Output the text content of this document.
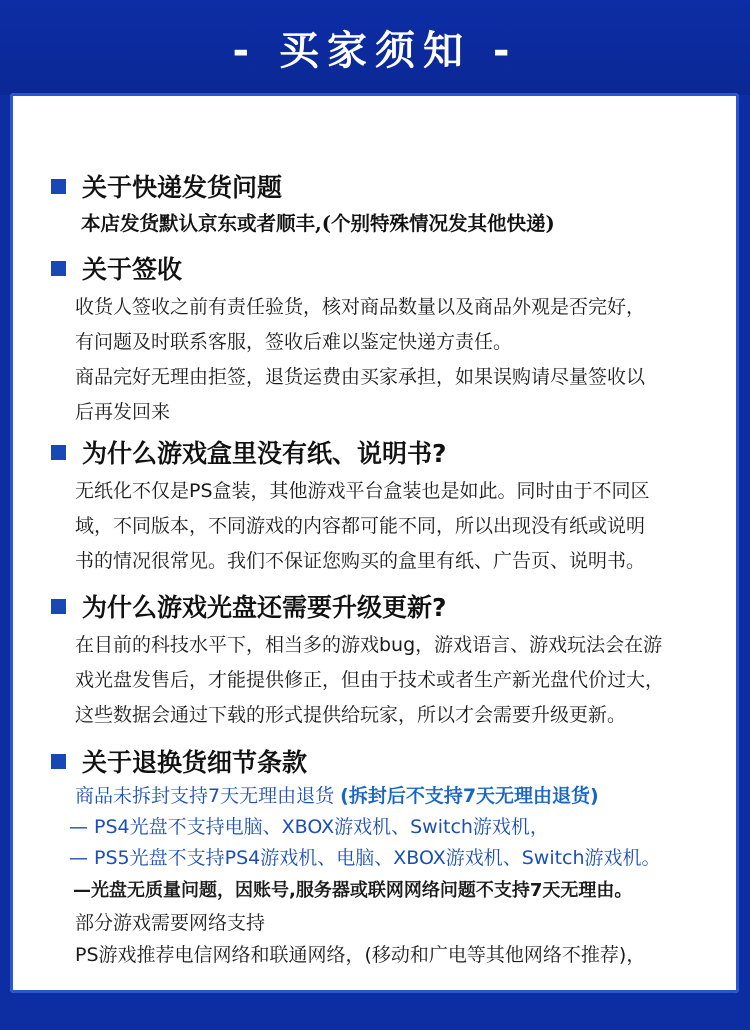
- 买家须知 -
关于快递发货问题
本店发货默认京东或者顺丰,(个别特殊情况发其他快递)
关于签收
收货人签收之前有责任验货，核对商品数量以及商品外观是否完好，
有问题及时联系客服，签收后难以鉴定快递方责任。
商品完好无理由拒签，退货运费由买家承担，如果误购请尽量签收以
后再发回来
为什么游戏盒里没有纸、说明书?
无纸化不仅是PS盒装，其他游戏平台盒装也是如此。同时由于不同区
域，不同版本，不同游戏的内容都可能不同，所以出现没有纸或说明
书的情况很常见。我们不保证您购买的盒里有纸、广告页、说明书。
为什么游戏光盘还需要升级更新?
在目前的科技水平下，相当多的游戏bug，游戏语言、游戏玩法会在游
戏光盘发售后，才能提供修正，但由于技术或者生产新光盘代价过大，
这些数据会通过下载的形式提供给玩家，所以才会需要升级更新。
关于退换货细节条款
商品未拆封支持7天无理由退货 (拆封后不支持7天无理由退货)
— PS4光盘不支持电脑、XBOX游戏机、Switch游戏机，
— PS5光盘不支持PS4游戏机、电脑、XBOX游戏机、Switch游戏机。
—光盘无质量问题，因账号,服务器或联网网络问题不支持7天无理由。
部分游戏需要网络支持
PS游戏推荐电信网络和联通网络，(移动和广电等其他网络不推荐)，
